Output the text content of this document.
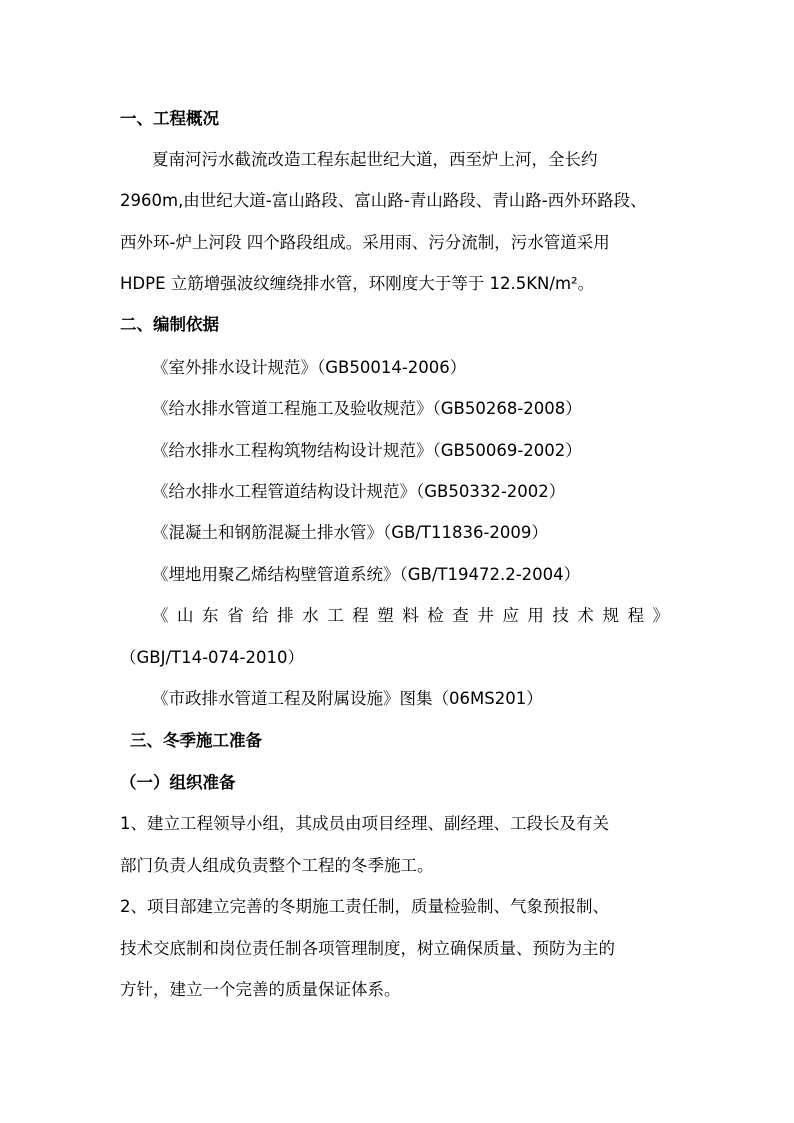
一、工程概况
夏南河污水截流改造工程东起世纪大道，西至炉上河，全长约
2960m,由世纪大道-富山路段、富山路-青山路段、青山路-西外环路段、
西外环-炉上河段 四个路段组成。采用雨、污分流制，污水管道采用
HDPE 立筋增强波纹缠绕排水管，环刚度大于等于 12.5KN/m²。
二、编制依据
《室外排水设计规范》（GB50014-2006）
《给水排水管道工程施工及验收规范》（GB50268-2008）
《给水排水工程构筑物结构设计规范》（GB50069-2002）
《给水排水工程管道结构设计规范》（GB50332-2002）
《混凝土和钢筋混凝土排水管》（GB/T11836-2009）
《埋地用聚乙烯结构壁管道系统》（GB/T19472.2-2004）
《山东省给排水工程塑料检查井应用技术规程》
（GBJ/T14-074-2010）
《市政排水管道工程及附属设施》图集（06MS201）
三、冬季施工准备
（一）组织准备
1、建立工程领导小组，其成员由项目经理、副经理、工段长及有关
部门负责人组成负责整个工程的冬季施工。
2、项目部建立完善的冬期施工责任制，质量检验制、气象预报制、
技术交底制和岗位责任制各项管理制度，树立确保质量、预防为主的
方针，建立一个完善的质量保证体系。
